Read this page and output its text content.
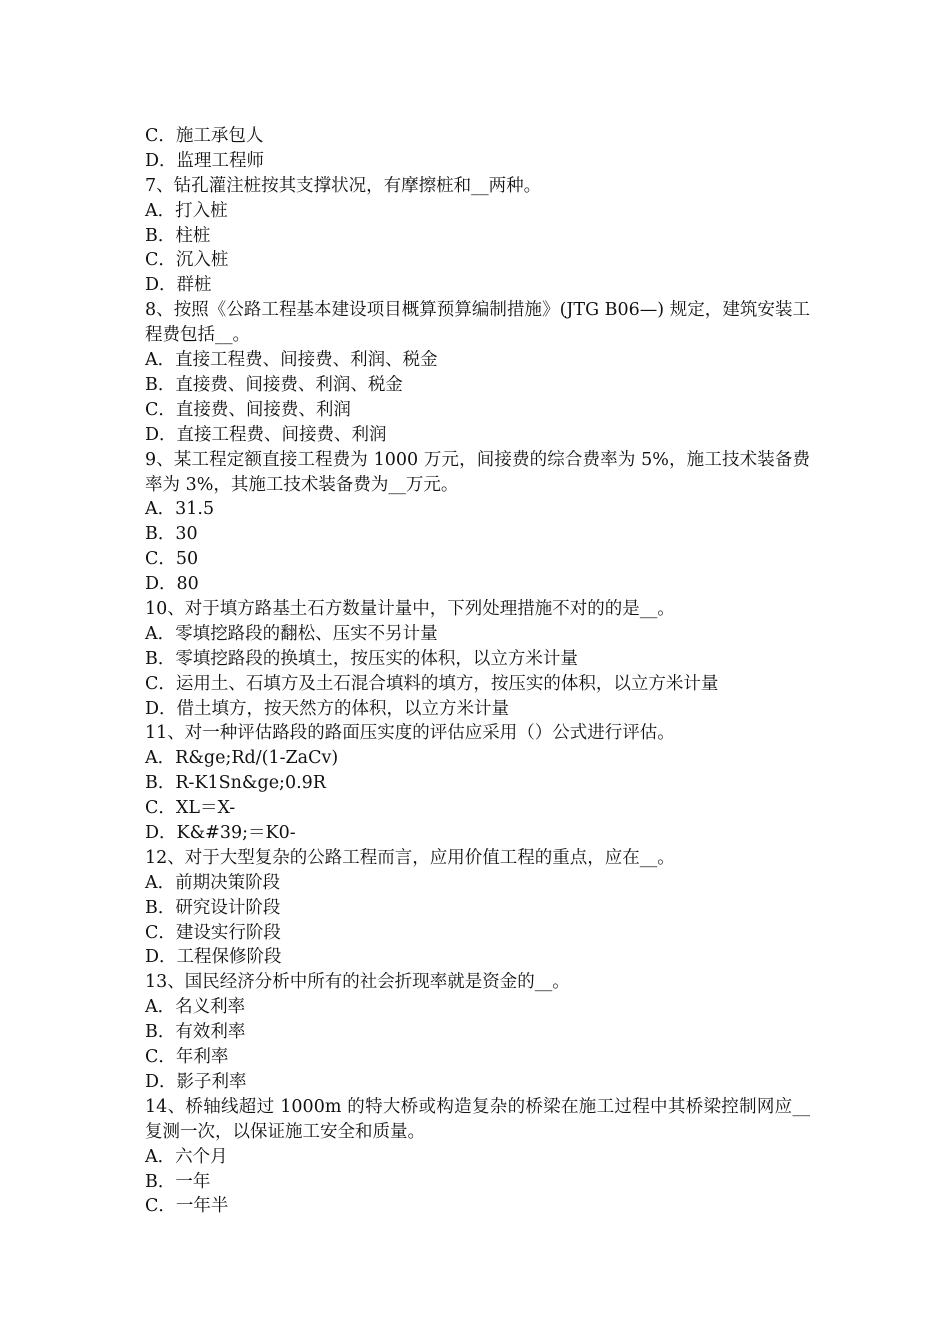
C．施工承包人
D．监理工程师
7、钻孔灌注桩按其支撑状况，有摩擦桩和__两种。
A．打入桩
B．柱桩
C．沉入桩
D．群桩
8、按照《公路工程基本建设项目概算预算编制措施》(JTG B06—) 规定，建筑安装工程费包括__。
A．直接工程费、间接费、利润、税金
B．直接费、间接费、利润、税金
C．直接费、间接费、利润
D．直接工程费、间接费、利润
9、某工程定额直接工程费为 1000 万元，间接费的综合费率为 5%，施工技术装备费率为 3%，其施工技术装备费为__万元。
A．31.5
B．30
C．50
D．80
10、对于填方路基土石方数量计量中，下列处理措施不对的的是__。
A．零填挖路段的翻松、压实不另计量
B．零填挖路段的换填土，按压实的体积，以立方米计量
C．运用土、石填方及土石混合填料的填方，按压实的体积，以立方米计量
D．借土填方，按天然方的体积，以立方米计量
11、对一种评估路段的路面压实度的评估应采用（）公式进行评估。
A．R&ge;Rd/(1-ZaCv)
B．R-K1Sn&ge;0.9R
C．XL＝X-
D．K&#39;＝K0-
12、对于大型复杂的公路工程而言，应用价值工程的重点，应在__。
A．前期决策阶段
B．研究设计阶段
C．建设实行阶段
D．工程保修阶段
13、国民经济分析中所有的社会折现率就是资金的__。
A．名义利率
B．有效利率
C．年利率
D．影子利率
14、桥轴线超过 1000m 的特大桥或构造复杂的桥梁在施工过程中其桥梁控制网应__复测一次，以保证施工安全和质量。
A．六个月
B．一年
C．一年半
